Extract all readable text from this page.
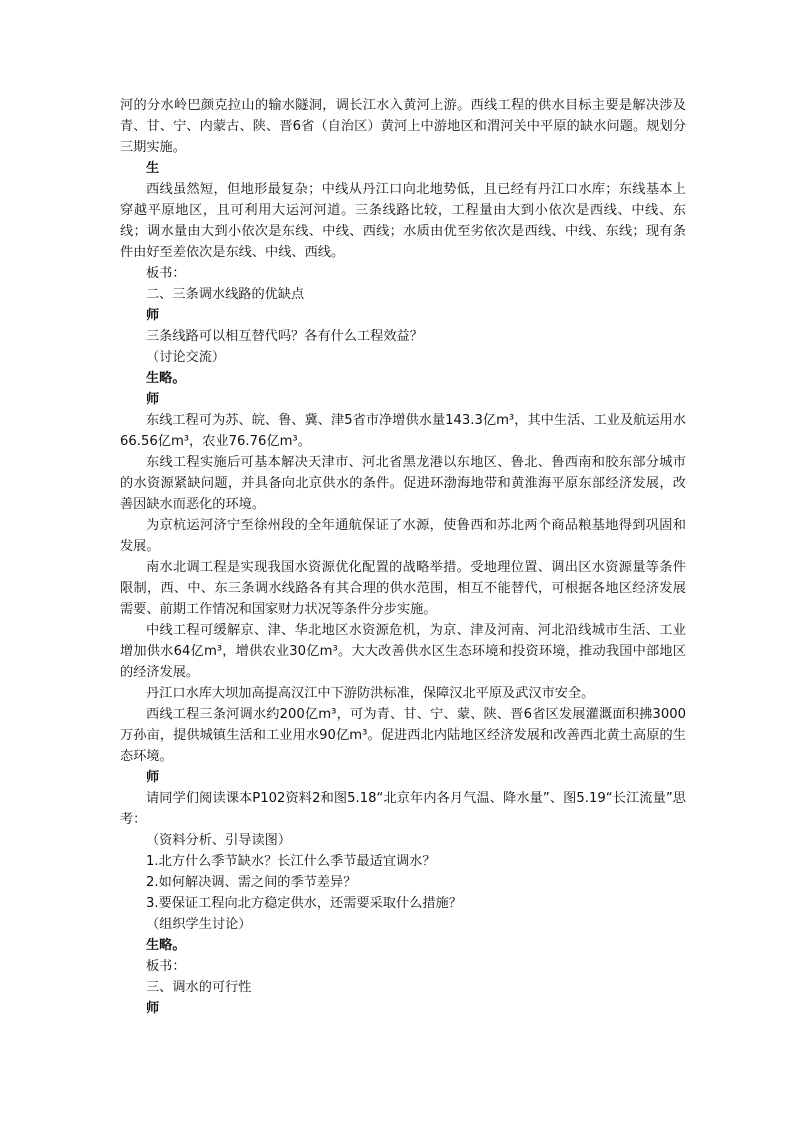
河的分水岭巴颜克拉山的输水隧洞，调长江水入黄河上游。西线工程的供水目标主要是解决涉及青、甘、宁、内蒙古、陕、晋6省（自治区）黄河上中游地区和渭河关中平原的缺水问题。规划分三期实施。

生

西线虽然短，但地形最复杂；中线从丹江口向北地势低，且已经有丹江口水库；东线基本上穿越平原地区，且可利用大运河河道。三条线路比较，工程量由大到小依次是西线、中线、东线；调水量由大到小依次是东线、中线、西线；水质由优至劣依次是西线、中线、东线；现有条件由好至差依次是东线、中线、西线。

板书：

二、三条调水线路的优缺点

师

三条线路可以相互替代吗？各有什么工程效益？

（讨论交流）

生略。

师

东线工程可为苏、皖、鲁、冀、津5省市净增供水量143.3亿m³，其中生活、工业及航运用水66.56亿m³，农业76.76亿m³。

东线工程实施后可基本解决天津市、河北省黑龙港以东地区、鲁北、鲁西南和胶东部分城市的水资源紧缺问题，并具备向北京供水的条件。促进环渤海地带和黄淮海平原东部经济发展，改善因缺水而恶化的环境。

为京杭运河济宁至徐州段的全年通航保证了水源，使鲁西和苏北两个商品粮基地得到巩固和发展。

南水北调工程是实现我国水资源优化配置的战略举措。受地理位置、调出区水资源量等条件限制，西、中、东三条调水线路各有其合理的供水范围，相互不能替代，可根据各地区经济发展需要、前期工作情况和国家财力状况等条件分步实施。

中线工程可缓解京、津、华北地区水资源危机，为京、津及河南、河北沿线城市生活、工业增加供水64亿m³，增供农业30亿m³。大大改善供水区生态环境和投资环境，推动我国中部地区的经济发展。

丹江口水库大坝加高提高汉江中下游防洪标准，保障汉北平原及武汉市安全。

西线工程三条河调水约200亿m³，可为青、甘、宁、蒙、陕、晋6省区发展灌溉面积拂3000万孙亩，提供城镇生活和工业用水90亿m³。促进西北内陆地区经济发展和改善西北黄土高原的生态环境。

师

请同学们阅读课本P102资料2和图5.18“北京年内各月气温、降水量”、图5.19“长江流量”思考：

（资料分析、引导读图）

1.北方什么季节缺水？长江什么季节最适宜调水？

2.如何解决调、需之间的季节差异？

3.要保证工程向北方稳定供水，还需要采取什么措施？

（组织学生讨论）

生略。

板书：

三、调水的可行性

师
